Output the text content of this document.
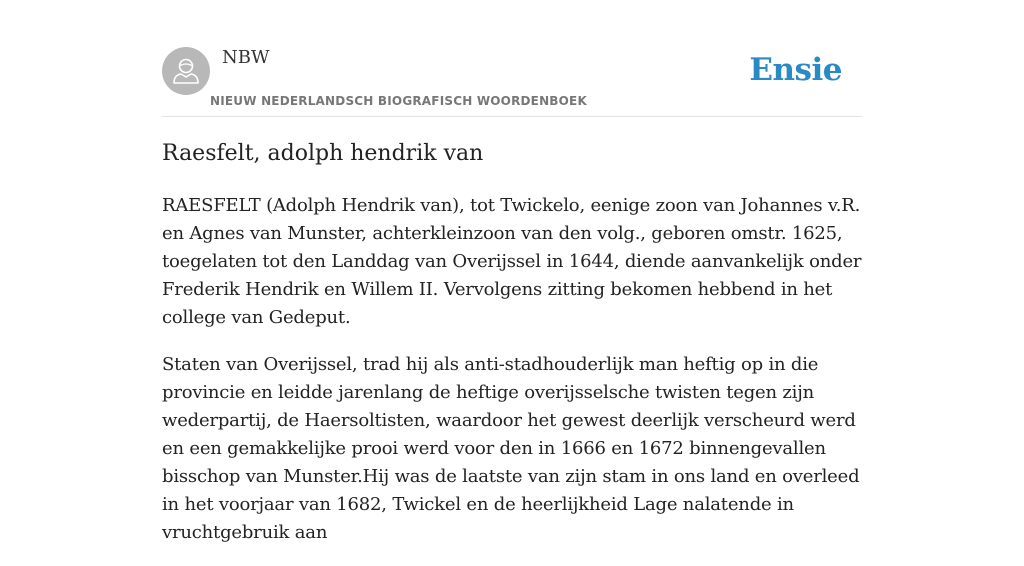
NBW
NIEUW NEDERLANDSCH BIOGRAFISCH WOORDENBOEK
Ensie
Raesfelt, adolph hendrik van

RAESFELT (Adolph Hendrik van), tot Twickelo, eenige zoon van Johannes v.R. en Agnes van Munster, achterkleinzoon van den volg., geboren omstr. 1625, toegelaten tot den Landdag van Overijssel in 1644, diende aanvankelijk onder Frederik Hendrik en Willem II. Vervolgens zitting bekomen hebbend in het college van Gedeput.

Staten van Overijssel, trad hij als anti-stadhouderlijk man heftig op in die provincie en leidde jarenlang de heftige overijsselsche twisten tegen zijn wederpartij, de Haersoltisten, waardoor het gewest deerlijk verscheurd werd en een gemakkelijke prooi werd voor den in 1666 en 1672 binnengevallen bisschop van Munster.Hij was de laatste van zijn stam in ons land en overleed in het voorjaar van 1682, Twickel en de heerlijkheid Lage nalatende in vruchtgebruik aan
